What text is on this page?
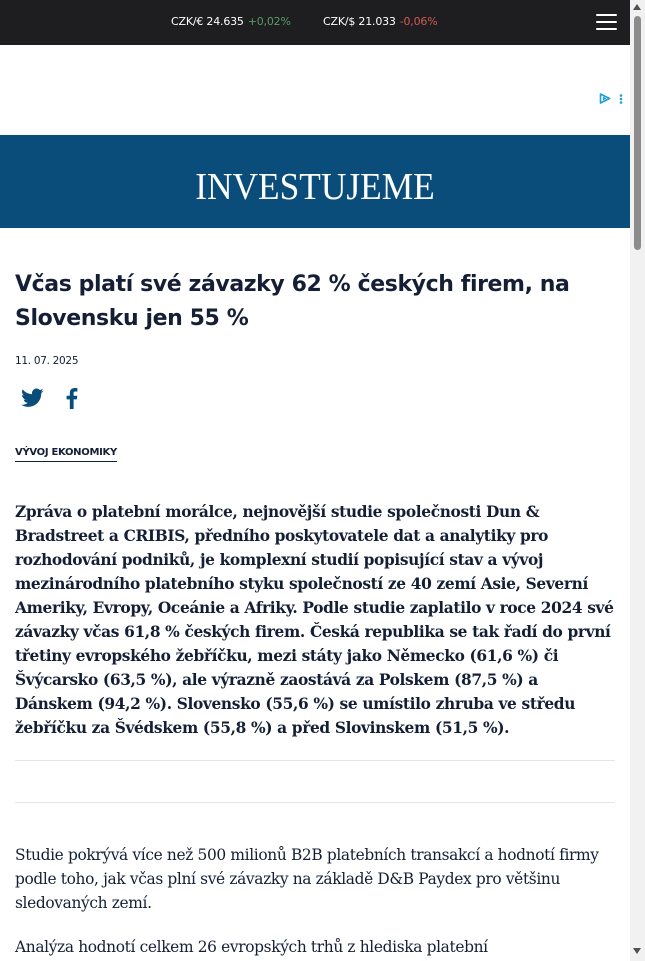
CZK/€ 24.635 +0,02%	CZK/$ 21.033 -0,06%
INVESTUJEME
Včas platí své závazky 62 % českých firem, na Slovensku jen 55 %
11. 07. 2025
VÝVOJ EKONOMIKY

Zpráva o platební morálce, nejnovější studie společnosti Dun & Bradstreet a CRIBIS, předního poskytovatele dat a analytiky pro rozhodování podniků, je komplexní studií popisující stav a vývoj mezinárodního platebního styku společností ze 40 zemí Asie, Severní Ameriky, Evropy, Oceánie a Afriky. Podle studie zaplatilo v roce 2024 své závazky včas 61,8 % českých firem. Česká republika se tak řadí do první třetiny evropského žebříčku, mezi státy jako Německo (61,6 %) či Švýcarsko (63,5 %), ale výrazně zaostává za Polskem (87,5 %) a Dánskem (94,2 %). Slovensko (55,6 %) se umístilo zhruba ve středu žebříčku za Švédskem (55,8 %) a před Slovinskem (51,5 %).

Studie pokrývá více než 500 milionů B2B platebních transakcí a hodnotí firmy podle toho, jak včas plní své závazky na základě D&B Paydex pro většinu sledovaných zemí.

Analýza hodnotí celkem 26 evropských trhů z hlediska platební
